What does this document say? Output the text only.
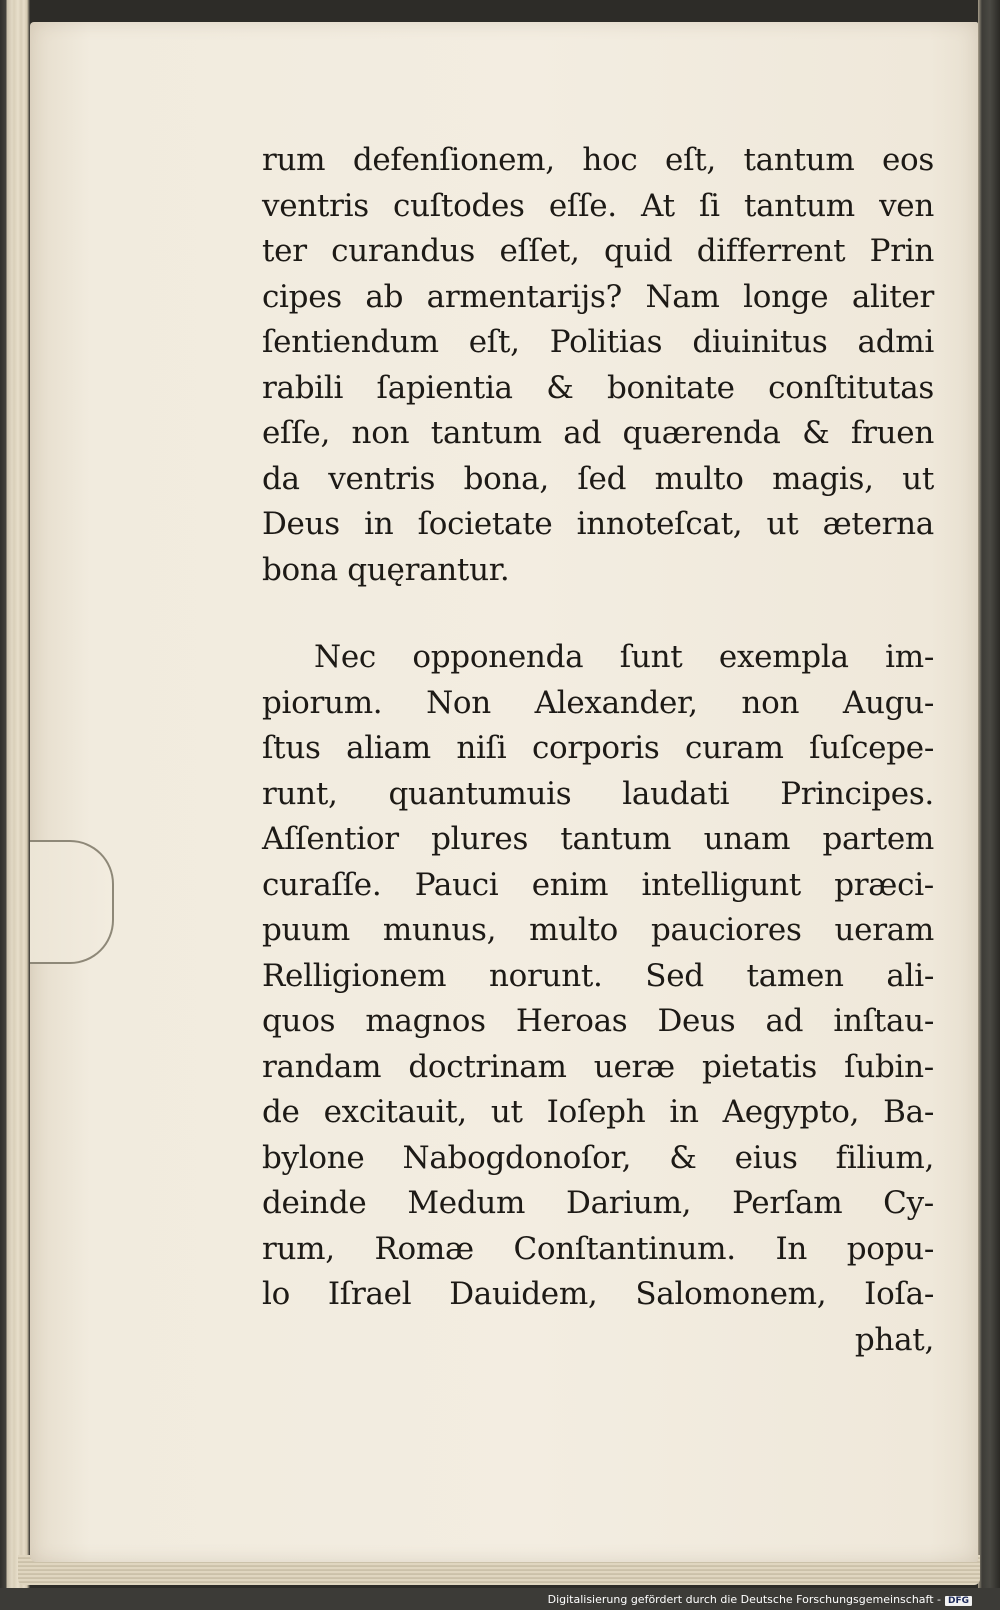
rum defenſionem, hoc eſt, tantum eos
ventris cuſtodes eſſe. At ſi tantum ven
ter curandus eſſet, quid differrent Prin
cipes ab armentarijs? Nam longe aliter
ſentiendum eſt, Politias diuinitus admi
rabili ſapientia & bonitate conſtitutas
eſſe, non tantum ad quærenda & fruen
da ventris bona, ſed multo magis, ut
Deus in ſocietate innoteſcat, ut æterna
bona quęrantur.
Nec opponenda ſunt exempla im-
piorum. Non Alexander, non Augu-
ſtus aliam niſi corporis curam ſuſcepe-
runt, quantumuis laudati Principes.
Aſſentior plures tantum unam partem
curaſſe. Pauci enim intelligunt præci-
puum munus, multo pauciores ueram
Relligionem norunt. Sed tamen ali-
quos magnos Heroas Deus ad inſtau-
randam doctrinam ueræ pietatis ſubin-
de excitauit, ut Ioſeph in Aegypto, Ba-
bylone Nabogdonoſor, & eius filium,
deinde Medum Darium, Perſam Cy-
rum, Romæ Conſtantinum. In popu-
lo Iſrael Dauidem, Salomonem, Ioſa-
phat,
Digitalisierung gefördert durch die Deutsche Forschungsgemeinschaft - DFG
